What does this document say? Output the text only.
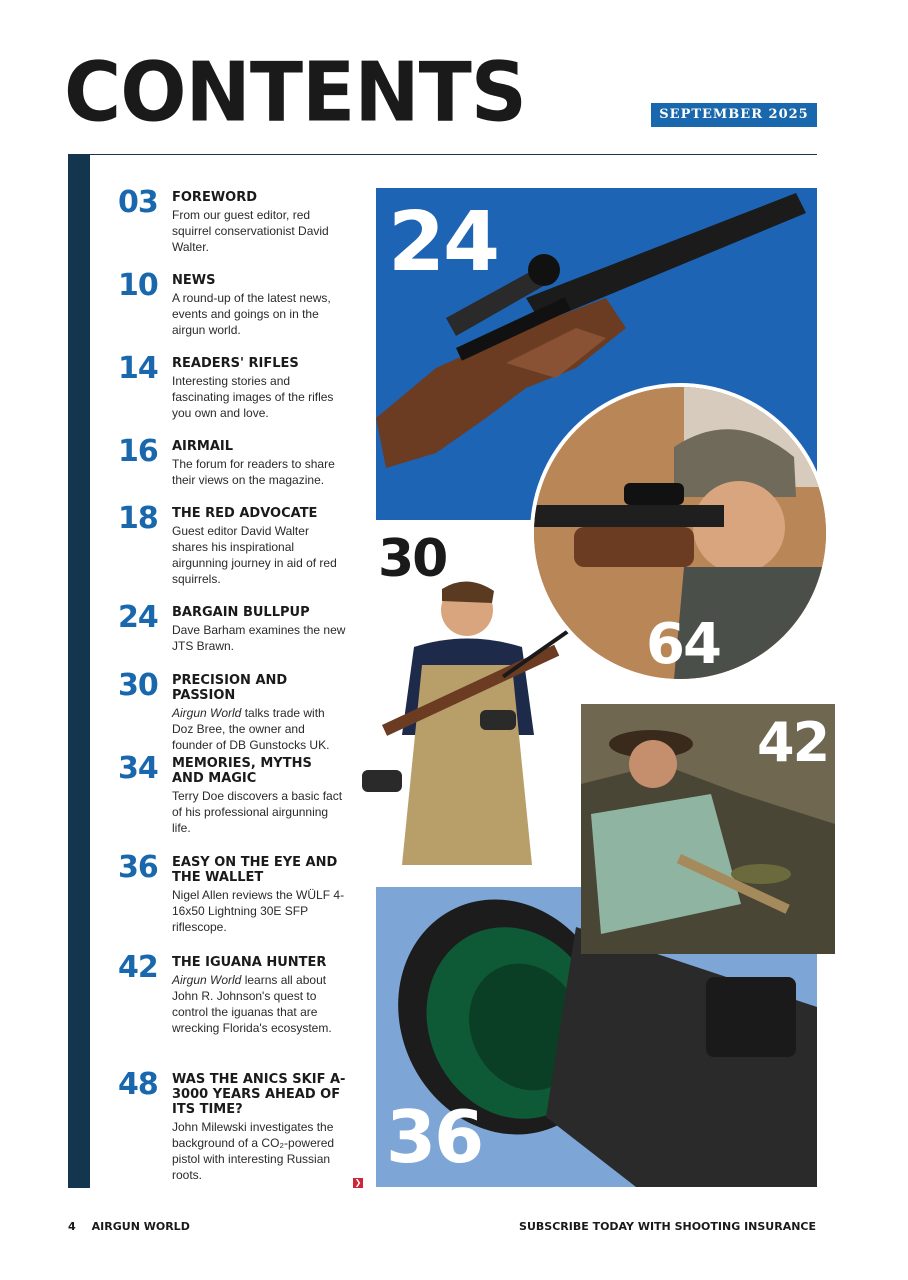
CONTENTS	SEPTEMBER 2025
03 FOREWORD
From our guest editor, red squirrel conservationist David Walter.
10 NEWS
A round-up of the latest news, events and goings on in the airgun world.
14 READERS' RIFLES
Interesting stories and fascinating images of the rifles you own and love.
16 AIRMAIL
The forum for readers to share their views on the magazine.
18 THE RED ADVOCATE
Guest editor David Walter shares his inspirational airgunning journey in aid of red squirrels.
24 BARGAIN BULLPUP
Dave Barham examines the new JTS Brawn.
30 PRECISION AND PASSION
Airgun World talks trade with Doz Bree, the owner and founder of DB Gunstocks UK.
34 MEMORIES, MYTHS AND MAGIC
Terry Doe discovers a basic fact of his professional airgunning life.
36 EASY ON THE EYE AND THE WALLET
Nigel Allen reviews the WÜLF 4-16x50 Lightning 30E SFP riflescope.
42 THE IGUANA HUNTER
Airgun World learns all about John R. Johnson's quest to control the iguanas that are wrecking Florida's ecosystem.
48 WAS THE ANICS SKIF A-3000 YEARS AHEAD OF ITS TIME?
John Milewski investigates the background of a CO₂-powered pistol with interesting Russian roots.
❯
24
36
42
30
64
4 AIRGUN WORLD	SUBSCRIBE TODAY WITH SHOOTING INSURANCE
